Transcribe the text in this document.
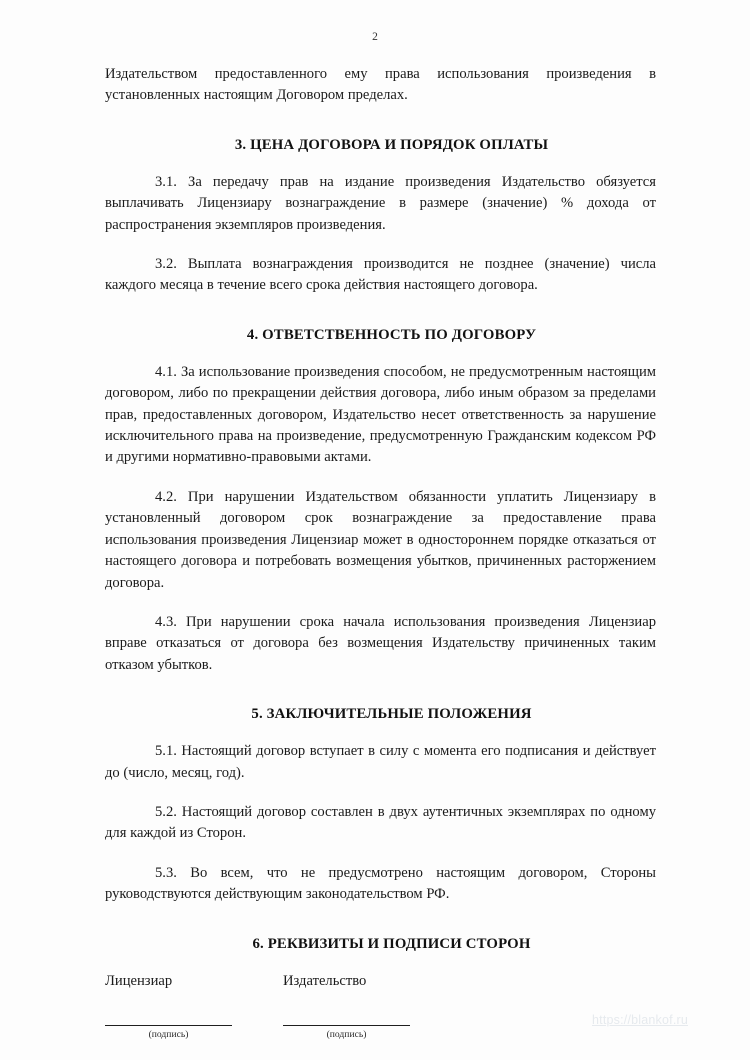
2

Издательством предоставленного ему права использования произведения в установленных настоящим Договором пределах.

3. ЦЕНА ДОГОВОРА И ПОРЯДОК ОПЛАТЫ

3.1. За передачу прав на издание произведения Издательство обязуется выплачивать Лицензиару вознаграждение в размере (значение) % дохода от распространения экземпляров произведения.

3.2. Выплата вознаграждения производится не позднее (значение) числа каждого месяца в течение всего срока действия настоящего договора.

4. ОТВЕТСТВЕННОСТЬ ПО ДОГОВОРУ

4.1. За использование произведения способом, не предусмотренным настоящим договором, либо по прекращении действия договора, либо иным образом за пределами прав, предоставленных договором, Издательство несет ответственность за нарушение исключительного права на произведение, предусмотренную Гражданским кодексом РФ и другими нормативно-правовыми актами.

4.2. При нарушении Издательством обязанности уплатить Лицензиару в установленный договором срок вознаграждение за предоставление права использования произведения Лицензиар может в одностороннем порядке отказаться от настоящего договора и потребовать возмещения убытков, причиненных расторжением договора.

4.3. При нарушении срока начала использования произведения Лицензиар вправе отказаться от договора без возмещения Издательству причиненных таким отказом убытков.

5. ЗАКЛЮЧИТЕЛЬНЫЕ ПОЛОЖЕНИЯ

5.1. Настоящий договор вступает в силу с момента его подписания и действует до (число, месяц, год).

5.2. Настоящий договор составлен в двух аутентичных экземплярах по одному для каждой из Сторон.

5.3. Во всем, что не предусмотрено настоящим договором, Стороны руководствуются действующим законодательством РФ.

6. РЕКВИЗИТЫ И ПОДПИСИ СТОРОН
Лицензиар
(подпись)
Издательство
(подпись)
https://blankof.ru
